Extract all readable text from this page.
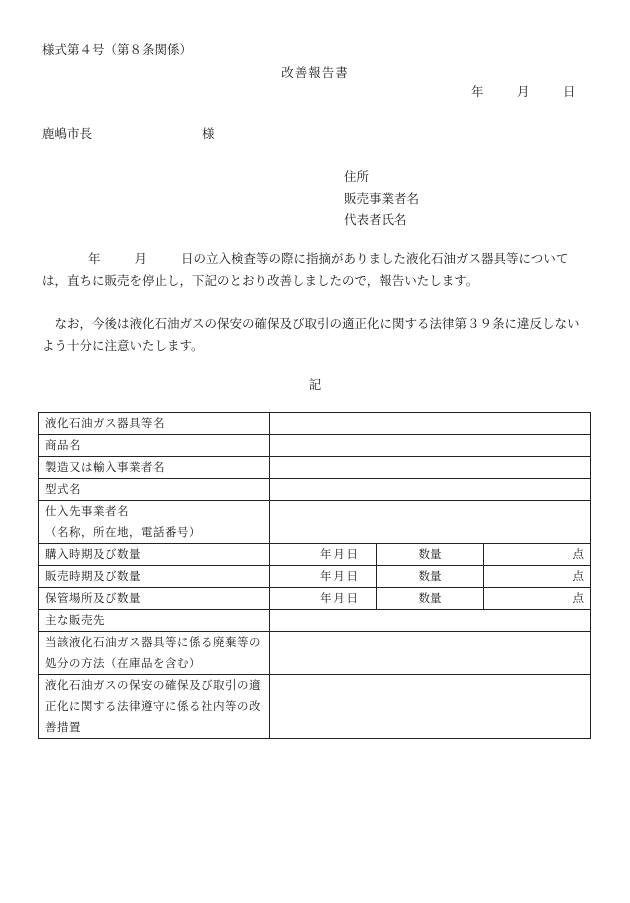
様式第４号（第８条関係）
改善報告書
年	月	日
鹿嶋市長	様
住所
販売事業者名
代表者氏名
年	月	日の立入検査等の際に指摘がありました液化石油ガス器具等については，直ちに販売を停止し，下記のとおり改善しましたので，報告いたします。
　なお，今後は液化石油ガスの保安の確保及び取引の適正化に関する法律第３９条に違反しないよう十分に注意いたします。
記
液化石油ガス器具等名			
商品名			
製造又は輸入事業者名			
型式名			
仕入先事業者名
（名称，所在地，電話番号）			
購入時期及び数量	年 月 日	数量	点
販売時期及び数量	年 月 日	数量	点
保管場所及び数量	年 月 日	数量	点
主な販売先			
当該液化石油ガス器具等に係る廃棄等の処分の方法（在庫品を含む）			
液化石油ガスの保安の確保及び取引の適正化に関する法律遵守に係る社内等の改善措置			
